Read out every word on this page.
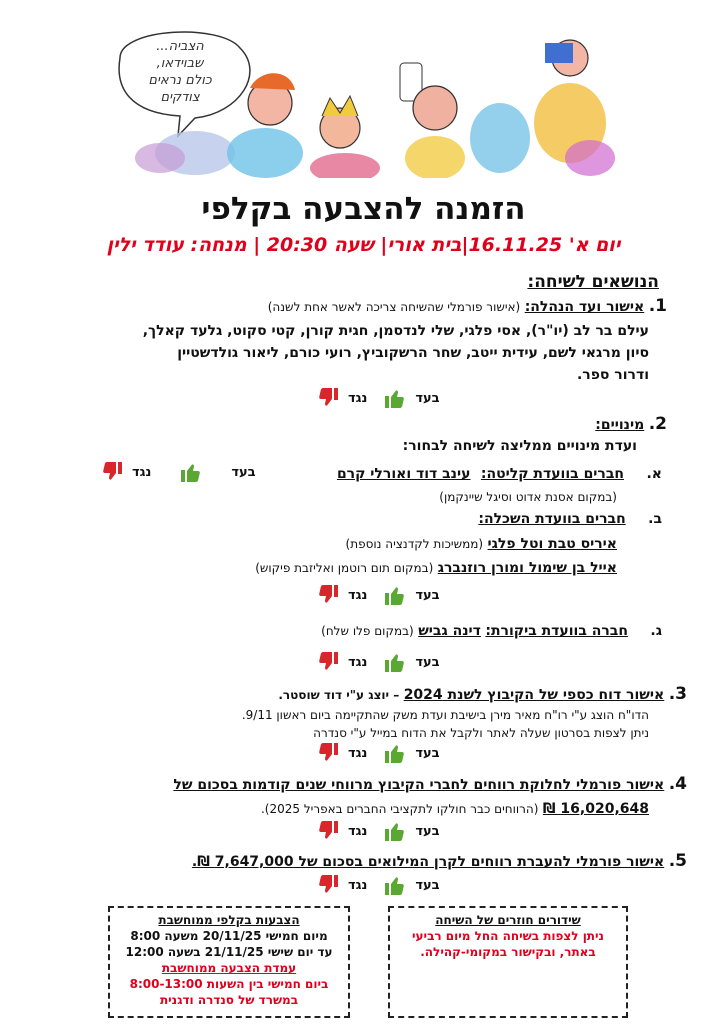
הצביה...
שבוידאו,
כולם נראים
צודקים
הזמנה להצבעה בקלפי
יום א' 16.11.25|בית אורי| שעה 20:30 | מנחה: עודד ילין
הנושאים לשיחה:
1. אישור ועד הנהלה: (אישור פורמלי שהשיחה צריכה לאשר אחת לשנה)
עילם בר לב (יו"ר), אסי פלגי, שלי לנדסמן, חגית קורן, קטי סקוט, גלעד קאלך,
סיון מרגאי לשם, עידית ייטב, שחר הרשקוביץ, רועי כורם, ליאור גולדשטיין
ודרור ספר.
2. מינויים:
ועדת מינויים ממליצה לשיחה לבחור:
א. חברים בוועדת קליטה: עינב דוד ואורלי קרם
(במקום אסנת אדוט וסיגל שיינקמן)
ב. חברים בוועדת השכלה:
איריס טבת וטל פלגי (ממשיכות לקדנציה נוספת)
אייל בן שימול ומורן רוזנברג (במקום תום רוטמן ואליזבת פיקוש)
ג. חברה בוועדת ביקורת: דינה גביש (במקום פלו שלח)
3. אישור דוח כספי של הקיבוץ לשנת 2024 – יוצג ע"י דוד שוסטר.
הדו"ח הוצג ע"י רו"ח מאיר מירן בישיבת ועדת משק שהתקיימה ביום ראשון 9/11.
ניתן לצפות בסרטון שעלה לאתר ולקבל את הדוח במייל ע"י סנדרה
4. אישור פורמלי לחלוקת רווחים לחברי הקיבוץ מרווחי שנים קודמות בסכום של
16,020,648 ₪ (הרווחים כבר חולקו לתקציבי החברים באפריל 2025).
5. אישור פורמלי להעברת רווחים לקרן המילואים בסכום של 7,647,000 ₪.
בעד
נגד
בעד
נגד
בעד
נגד
בעד
נגד
בעד
נגד
בעד
נגד
בעד
נגד
הצבעות בקלפי ממוחשבת
מיום חמישי 20/11/25 משעה 8:00
עד יום שישי 21/11/25 בשעה 12:00
עמדת הצבעה ממוחשבת
ביום חמישי בין השעות 8:00-13:00
במשרד של סנדרה ודגנית
שידורים חוזרים של השיחה
ניתן לצפות בשיחה החל מיום רביעי
באתר, ובקישור במקומי-קהילה.
